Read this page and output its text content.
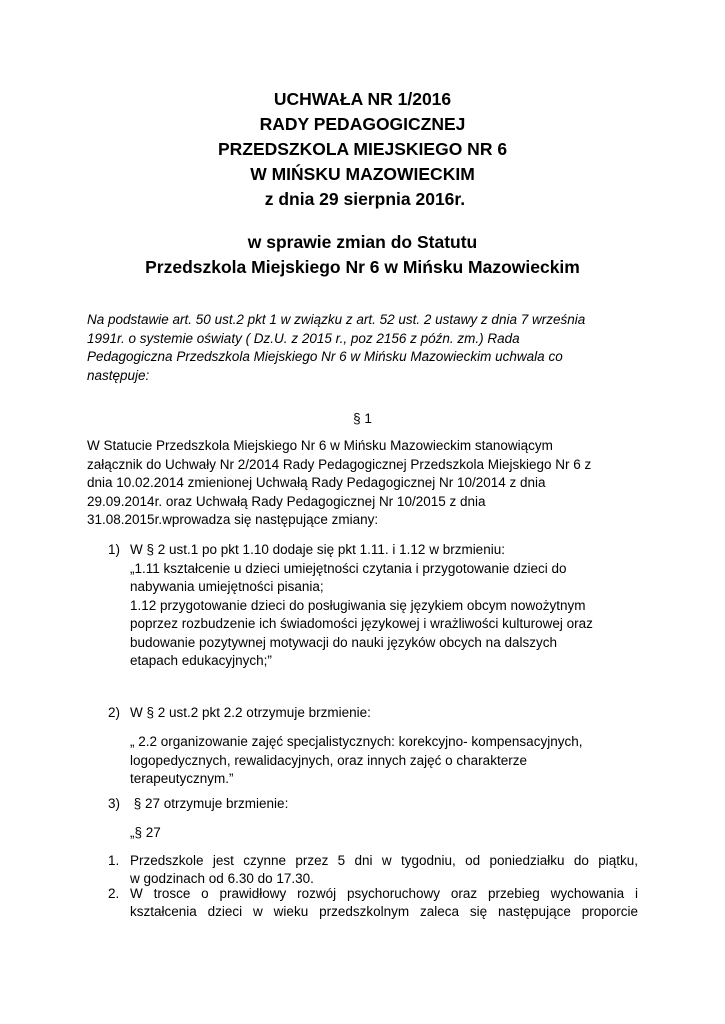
UCHWAŁA NR 1/2016
RADY PEDAGOGICZNEJ
PRZEDSZKOLA MIEJSKIEGO NR 6
W MIŃSKU MAZOWIECKIM
z dnia 29 sierpnia 2016r.
w sprawie zmian do Statutu
Przedszkola Miejskiego Nr 6 w Mińsku Mazowieckim

Na podstawie art. 50 ust.2 pkt 1 w związku z art. 52 ust. 2 ustawy z dnia 7 września
1991r. o systemie oświaty ( Dz.U. z 2015 r., poz 2156 z późn. zm.) Rada
Pedagogiczna Przedszkola Miejskiego Nr 6 w Mińsku Mazowieckim uchwala co
następuje:

§ 1

W Statucie Przedszkola Miejskiego Nr 6 w Mińsku Mazowieckim stanowiącym
załącznik do Uchwały Nr 2/2014 Rady Pedagogicznej Przedszkola Miejskiego Nr 6 z
dnia 10.02.2014 zmienionej Uchwałą Rady Pedagogicznej Nr 10/2014 z dnia
29.09.2014r. oraz Uchwałą Rady Pedagogicznej Nr 10/2015 z dnia
31.08.2015r.wprowadza się następujące zmiany:

1) W § 2 ust.1 po pkt 1.10 dodaje się pkt 1.11. i 1.12 w brzmieniu:
„1.11 kształcenie u dzieci umiejętności czytania i przygotowanie dzieci do
nabywania umiejętności pisania;
1.12 przygotowanie dzieci do posługiwania się językiem obcym nowożytnym
poprzez rozbudzenie ich świadomości językowej i wrażliwości kulturowej oraz
budowanie pozytywnej motywacji do nauki języków obcych na dalszych
etapach edukacyjnych;”
2) W § 2 ust.2 pkt 2.2 otrzymuje brzmienie:
„ 2.2 organizowanie zajęć specjalistycznych: korekcyjno- kompensacyjnych,
logopedycznych, rewalidacyjnych, oraz innych zajęć o charakterze
terapeutycznym.”
3) § 27 otrzymuje brzmienie:
„§ 27
1. Przedszkole jest czynne przez 5 dni w tygodniu, od poniedziałku do piątku,
w godzinach od 6.30 do 17.30.
2. W trosce o prawidłowy rozwój psychoruchowy oraz przebieg wychowania i
kształcenia dzieci w wieku przedszkolnym zaleca się następujące proporcie
